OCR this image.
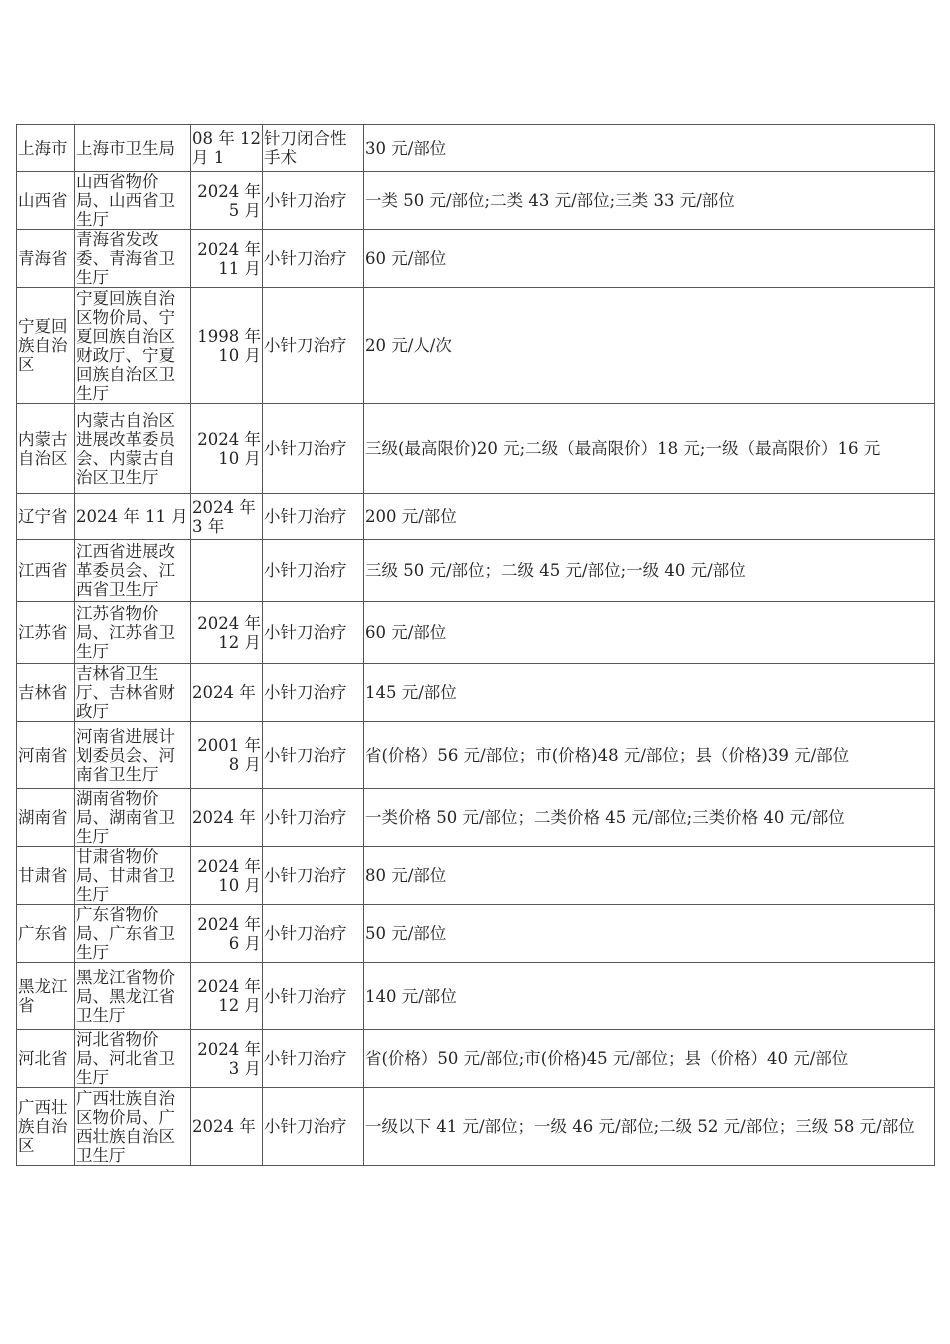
上海市	上海市卫生局	08 年 12 月 1	针刀闭合性手术	30 元/部位
山西省	山西省物价局、山西省卫生厅	2024 年 5 月	小针刀治疗	一类 50 元/部位;二类 43 元/部位;三类 33 元/部位
青海省	青海省发改委、青海省卫生厅	2024 年 11 月	小针刀治疗	60 元/部位
宁夏回族自治区	宁夏回族自治区物价局、宁夏回族自治区财政厅、宁夏回族自治区卫生厅	1998 年 10 月	小针刀治疗	20 元/人/次
内蒙古自治区	内蒙古自治区进展改革委员会、内蒙古自治区卫生厅	2024 年 10 月	小针刀治疗	三级(最高限价)20 元;二级（最高限价）18 元;一级（最高限价）16 元
辽宁省	2024 年 11 月	2024 年 3 年	小针刀治疗	200 元/部位
江西省	江西省进展改革委员会、江西省卫生厅		小针刀治疗	三级 50 元/部位；二级 45 元/部位;一级 40 元/部位
江苏省	江苏省物价局、江苏省卫生厅	2024 年 12 月	小针刀治疗	60 元/部位
吉林省	吉林省卫生厅、吉林省财政厅	2024 年	小针刀治疗	145 元/部位
河南省	河南省进展计划委员会、河南省卫生厅	2001 年 8 月	小针刀治疗	省(价格）56 元/部位；市(价格)48 元/部位；县（价格)39 元/部位
湖南省	湖南省物价局、湖南省卫生厅	2024 年	小针刀治疗	一类价格 50 元/部位；二类价格 45 元/部位;三类价格 40 元/部位
甘肃省	甘肃省物价局、甘肃省卫生厅	2024 年 10 月	小针刀治疗	80 元/部位
广东省	广东省物价局、广东省卫生厅	2024 年 6 月	小针刀治疗	50 元/部位
黑龙江省	黑龙江省物价局、黑龙江省卫生厅	2024 年 12 月	小针刀治疗	140 元/部位
河北省	河北省物价局、河北省卫生厅	2024 年 3 月	小针刀治疗	省(价格）50 元/部位;市(价格)45 元/部位；县（价格）40 元/部位
广西壮族自治区	广西壮族自治区物价局、广西壮族自治区卫生厅	2024 年	小针刀治疗	一级以下 41 元/部位；一级 46 元/部位;二级 52 元/部位；三级 58 元/部位
